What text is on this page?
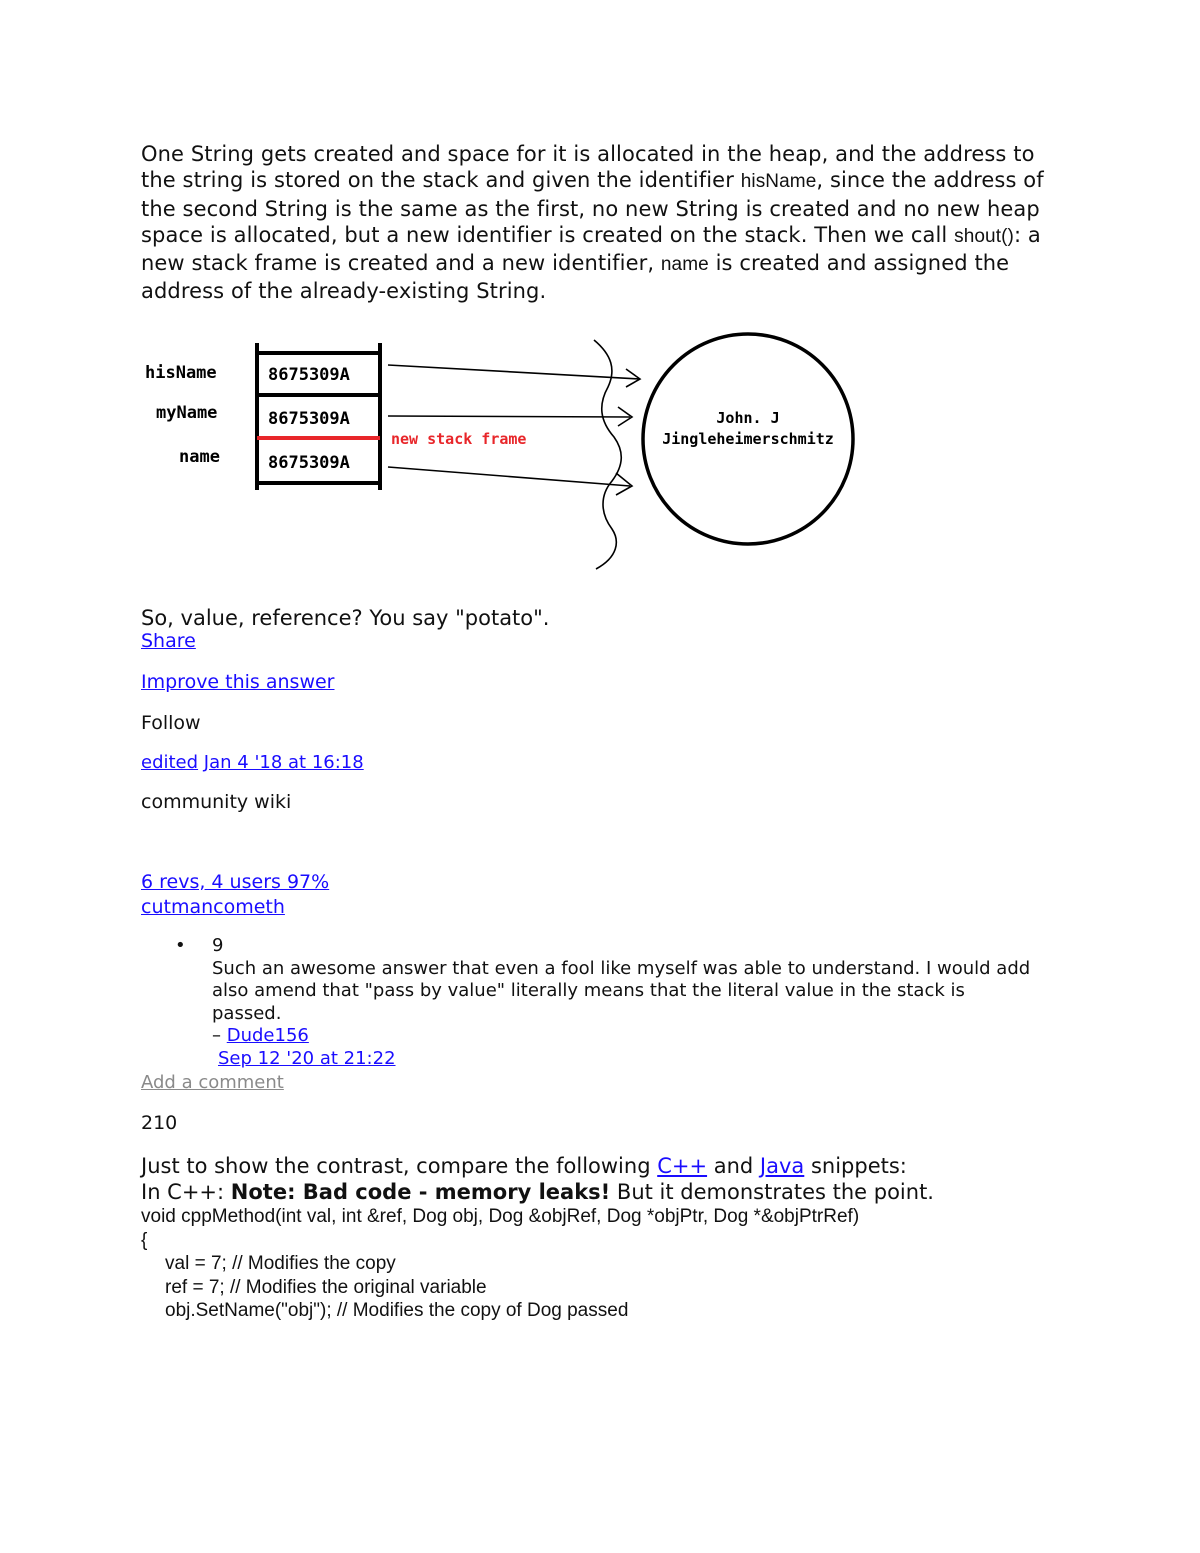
One String gets created and space for it is allocated in the heap, and the address to the string is stored on the stack and given the identifier hisName, since the address of the second String is the same as the first, no new String is created and no new heap space is allocated, but a new identifier is created on the stack. Then we call shout(): a new stack frame is created and a new identifier, name is created and assigned the address of the already-existing String.

hisName
myName
name
8675309A
8675309A
8675309A
new stack frame
John. J
Jingleheimerschmitz

So, value, reference? You say "potato".

Share
Improve this answer
Follow
edited Jan 4 '18 at 16:18
community wiki
6 revs, 4 users 97%
cutmancometh
• 9
Such an awesome answer that even a fool like myself was able to understand. I would add also amend that "pass by value" literally means that the literal value in the stack is passed.
– Dude156
Sep 12 '20 at 21:22
Add a comment
210
Just to show the contrast, compare the following C++ and Java snippets:
In C++: Note: Bad code - memory leaks! But it demonstrates the point.
void cppMethod(int val, int &ref, Dog obj, Dog &objRef, Dog *objPtr, Dog *&objPtrRef)
{
val = 7; // Modifies the copy
ref = 7; // Modifies the original variable
obj.SetName("obj"); // Modifies the copy of Dog passed
